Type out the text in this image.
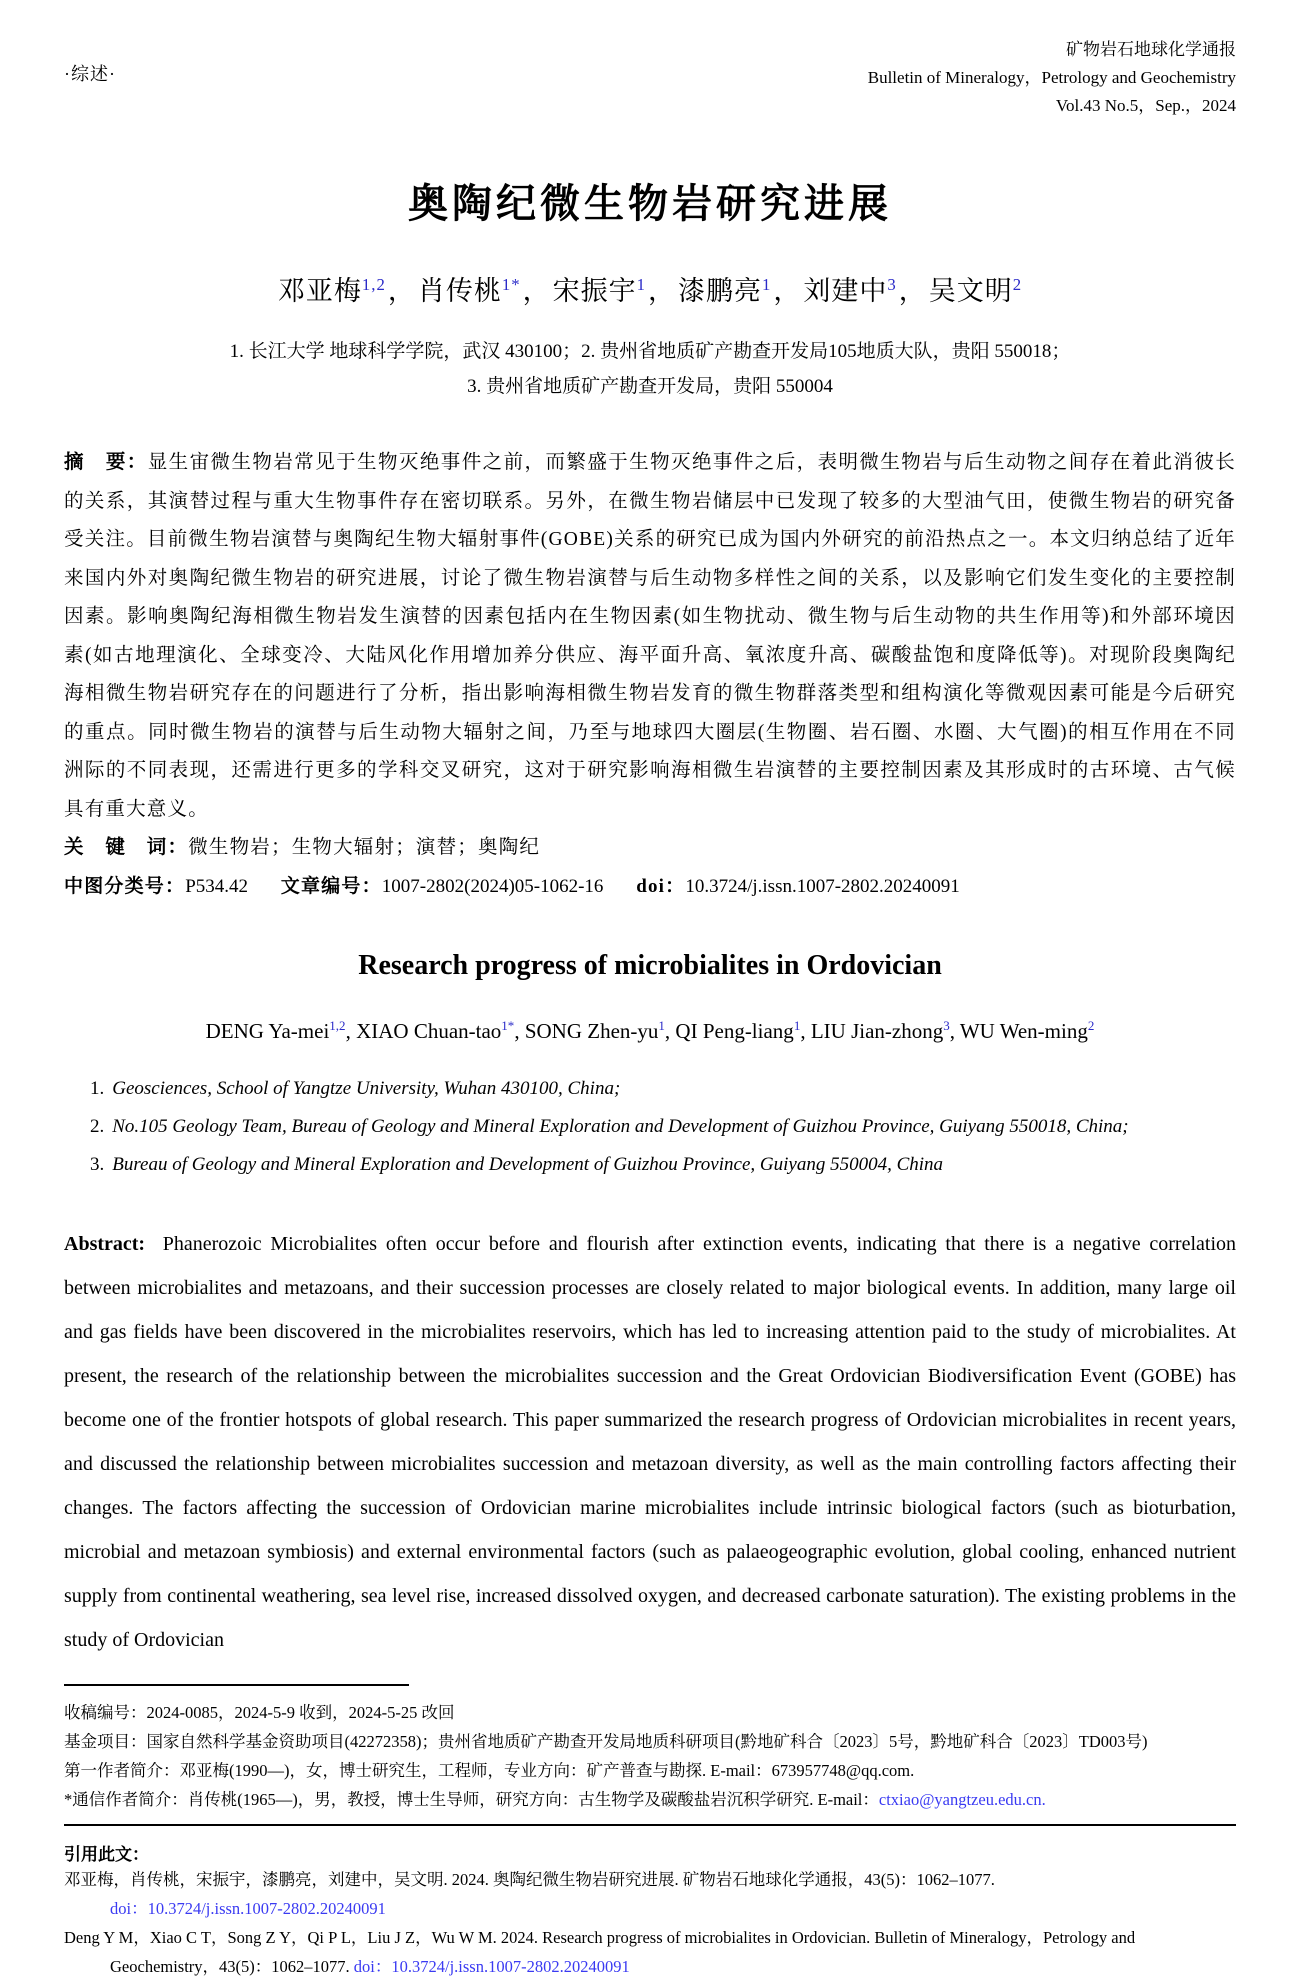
·综述·
矿物岩石地球化学通报
Bulletin of Mineralogy，Petrology and Geochemistry
Vol.43 No.5，Sep.，2024
奥陶纪微生物岩研究进展
邓亚梅$^{1,2}$，肖传桃$^{1*}$，宋振宇$^1$，漆鹏亮$^1$，刘建中$^3$，吴文明$^2$
1. 长江大学 地球科学学院，武汉 430100；2. 贵州省地质矿产勘查开发局105地质大队，贵阳 550018；
3. 贵州省地质矿产勘查开发局，贵阳 550004
摘　要：显生宙微生物岩常见于生物灭绝事件之前，而繁盛于生物灭绝事件之后，表明微生物岩与后生动物之间存在着此消彼长的关系，其演替过程与重大生物事件存在密切联系。另外，在微生物岩储层中已发现了较多的大型油气田，使微生物岩的研究备受关注。目前微生物岩演替与奥陶纪生物大辐射事件(GOBE)关系的研究已成为国内外研究的前沿热点之一。本文归纳总结了近年来国内外对奥陶纪微生物岩的研究进展，讨论了微生物岩演替与后生动物多样性之间的关系，以及影响它们发生变化的主要控制因素。影响奥陶纪海相微生物岩发生演替的因素包括内在生物因素(如生物扰动、微生物与后生动物的共生作用等)和外部环境因素(如古地理演化、全球变冷、大陆风化作用增加养分供应、海平面升高、氧浓度升高、碳酸盐饱和度降低等)。对现阶段奥陶纪海相微生物岩研究存在的问题进行了分析，指出影响海相微生物岩发育的微生物群落类型和组构演化等微观因素可能是今后研究的重点。同时微生物岩的演替与后生动物大辐射之间，乃至与地球四大圈层(生物圈、岩石圈、水圈、大气圈)的相互作用在不同洲际的不同表现，还需进行更多的学科交叉研究，这对于研究影响海相微生岩演替的主要控制因素及其形成时的古环境、古气候具有重大意义。
关　键　词：微生物岩；生物大辐射；演替；奥陶纪
中图分类号：P534.42 文章编号：1007-2802(2024)05-1062-16 doi：10.3724/j.issn.1007-2802.20240091
Research progress of microbialites in Ordovician
DENG Ya-mei$^{1,2}$, XIAO Chuan-tao$^{1*}$, SONG Zhen-$yu^1$, QI Peng-liang$^1$, LIU Jian-zhong$^3$, WU Wen-ming$^2$
1. Geosciences, School of Yangtze University, Wuhan 430100, China;
2. No.105 Geology Team, Bureau of Geology and Mineral Exploration and Development of Guizhou Province, Guiyang 550018, China;
3. Bureau of Geology and Mineral Exploration and Development of Guizhou Province, Guiyang 550004, China
Abstract: Phanerozoic Microbialites often occur before and flourish after extinction events, indicating that there is a negative correlation between microbialites and metazoans, and their succession processes are closely related to major biological events. In addition, many large oil and gas fields have been discovered in the microbialites reservoirs, which has led to increasing attention paid to the study of microbialites. At present, the research of the relationship between the microbialites succession and the Great Ordovician Biodiversification Event (GOBE) has become one of the frontier hotspots of global research. This paper summarized the research progress of Ordovician microbialites in recent years, and discussed the relationship between microbialites succession and metazoan diversity, as well as the main controlling factors affecting their changes. The factors affecting the succession of Ordovician marine microbialites include intrinsic biological factors (such as bioturbation, microbial and metazoan symbiosis) and external environmental factors (such as palaeogeographic evolution, global cooling, enhanced nutrient supply from continental weathering, sea level rise, increased dissolved oxygen, and decreased carbonate saturation). The existing problems in the study of Ordovician
收稿编号：2024-0085，2024-5-9 收到，2024-5-25 改回
基金项目：国家自然科学基金资助项目(42272358)；贵州省地质矿产勘查开发局地质科研项目(黔地矿科合〔2023〕5号，黔地矿科合〔2023〕TD003号)
第一作者简介：邓亚梅(1990—)，女，博士研究生，工程师，专业方向：矿产普查与勘探. E-mail：673957748@qq.com.
*通信作者简介：肖传桃(1965—)，男，教授，博士生导师，研究方向：古生物学及碳酸盐岩沉积学研究. E-mail：ctxiao@yangtzeu.edu.cn.
引用此文：
邓亚梅，肖传桃，宋振宇，漆鹏亮，刘建中，吴文明. 2024. 奥陶纪微生物岩研究进展. 矿物岩石地球化学通报，43(5)：1062–1077.
doi：10.3724/j.issn.1007-2802.20240091
Deng Y M，Xiao C T，Song Z Y，Qi P L，Liu J Z，Wu W M. 2024. Research progress of microbialites in Ordovician. Bulletin of Mineralogy，Petrology and Geochemistry，43(5)：1062–1077. doi：10.3724/j.issn.1007-2802.20240091
